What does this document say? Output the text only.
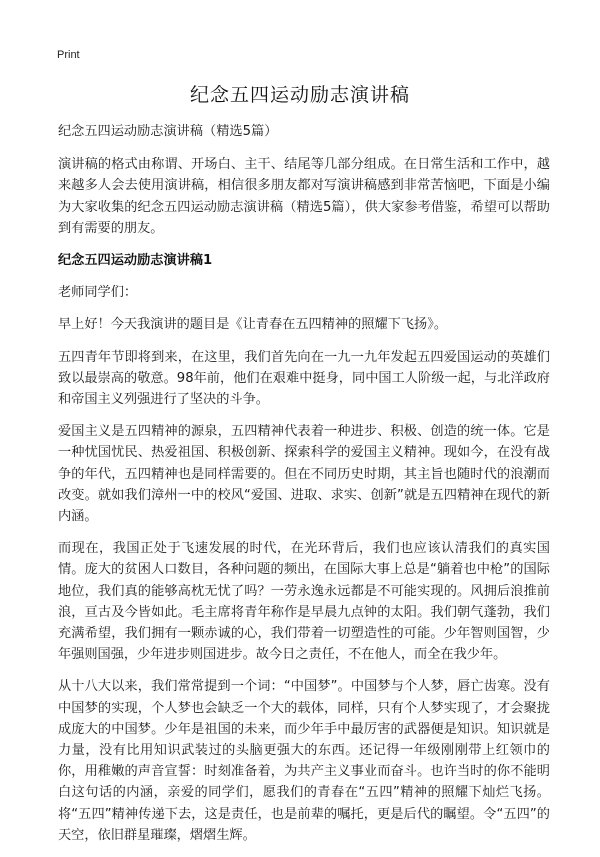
Print
纪念五四运动励志演讲稿

纪念五四运动励志演讲稿（精选5篇）

演讲稿的格式由称谓、开场白、主干、结尾等几部分组成。在日常生活和工作中，越来越多人会去使用演讲稿，相信很多朋友都对写演讲稿感到非常苦恼吧，下面是小编为大家收集的纪念五四运动励志演讲稿（精选5篇），供大家参考借鉴，希望可以帮助到有需要的朋友。

纪念五四运动励志演讲稿1

老师同学们：

早上好！今天我演讲的题目是《让青春在五四精神的照耀下飞扬》。

五四青年节即将到来，在这里，我们首先向在一九一九年发起五四爱国运动的英雄们致以最崇高的敬意。98年前，他们在艰难中挺身，同中国工人阶级一起，与北洋政府和帝国主义列强进行了坚决的斗争。

爱国主义是五四精神的源泉，五四精神代表着一种进步、积极、创造的统一体。它是一种忧国忧民、热爱祖国、积极创新、探索科学的爱国主义精神。现如今，在没有战争的年代，五四精神也是同样需要的。但在不同历史时期，其主旨也随时代的浪潮而改变。就如我们漳州一中的校风“爱国、进取、求实、创新”就是五四精神在现代的新内涵。

而现在，我国正处于飞速发展的时代，在光环背后，我们也应该认清我们的真实国情。庞大的贫困人口数目，各种问题的频出，在国际大事上总是“躺着也中枪”的国际地位，我们真的能够高枕无忧了吗？一劳永逸永远都是不可能实现的。风拥后浪推前浪，亘古及今皆如此。毛主席将青年称作是早晨九点钟的太阳。我们朝气蓬勃，我们充满希望，我们拥有一颗赤诚的心，我们带着一切塑造性的可能。少年智则国智，少年强则国强，少年进步则国进步。故今日之责任，不在他人，而全在我少年。

从十八大以来，我们常常提到一个词：“中国梦”。中国梦与个人梦，唇亡齿寒。没有中国梦的实现，个人梦也会缺乏一个大的载体，同样，只有个人梦实现了，才会聚拢成庞大的中国梦。少年是祖国的未来，而少年手中最厉害的武器便是知识。知识就是力量，没有比用知识武装过的头脑更强大的东西。还记得一年级刚刚带上红领巾的你，用稚嫩的声音宣誓：时刻准备着，为共产主义事业而奋斗。也许当时的你不能明白这句话的内涵，亲爱的同学们，愿我们的青春在“五四”精神的照耀下灿烂飞扬。将“五四”精神传递下去，这是责任，也是前辈的嘱托，更是后代的瞩望。令“五四”的天空，依旧群星璀璨，熠熠生辉。
